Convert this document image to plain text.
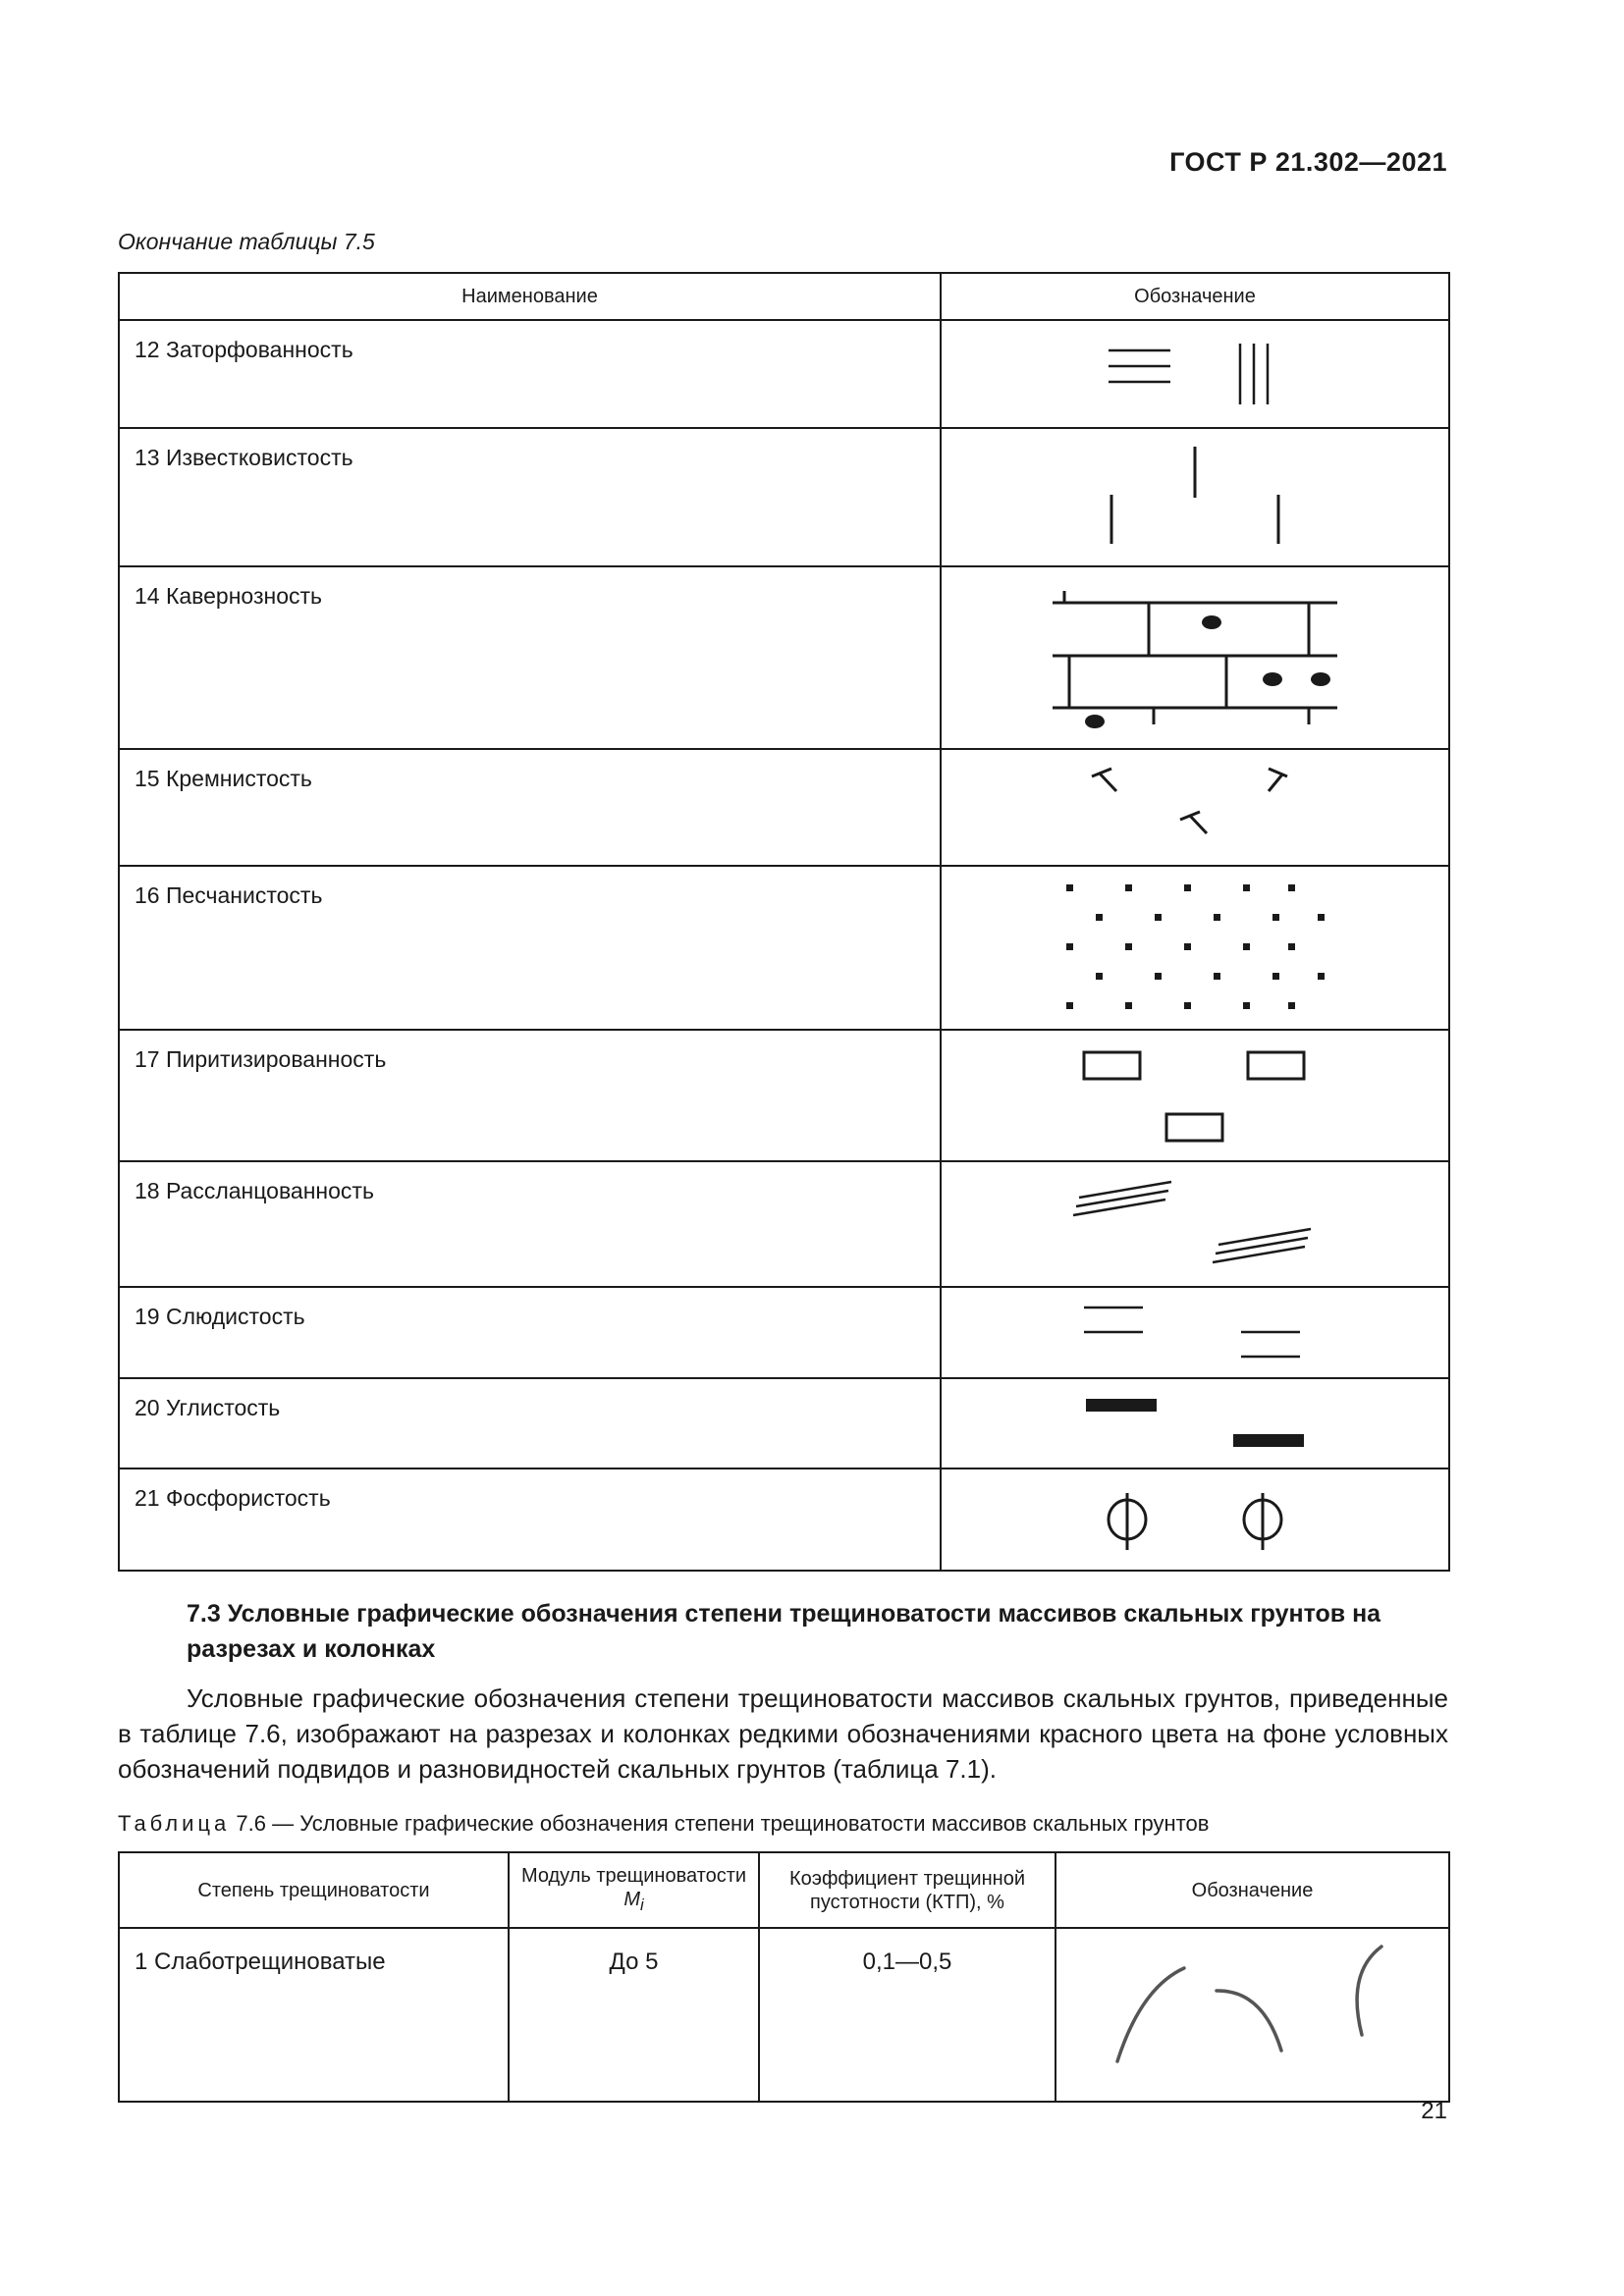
ГОСТ Р 21.302—2021
Окончание таблицы 7.5
Наименование	Обозначение
12 Заторфованность	

13 Известковистость	

14 Кавернозность	

15 Кремнистость	

16 Песчанистость	

17 Пиритизированность	

18 Рассланцованность	

19 Слюдистость	

20 Углистость	

21 Фосфористость	
7.3 Условные графические обозначения степени трещиноватости массивов скальных грунтов на разрезах и колонках
Условные графические обозначения степени трещиноватости массивов скальных грунтов, приведенные в таблице 7.6, изображают на разрезах и колонках редкими обозначениями красного цвета на фоне условных обозначений подвидов и разновидностей скальных грунтов (таблица 7.1).
Таблица 7.6 — Условные графические обозначения степени трещиноватости массивов скальных грунтов
Степень трещиноватости	Модуль трещиноватости $M_i$	Коэффициент трещинной пустотности (КТП), %	Обозначение
1 Слаботрещиноватые	До 5	0,1—0,5	
21
